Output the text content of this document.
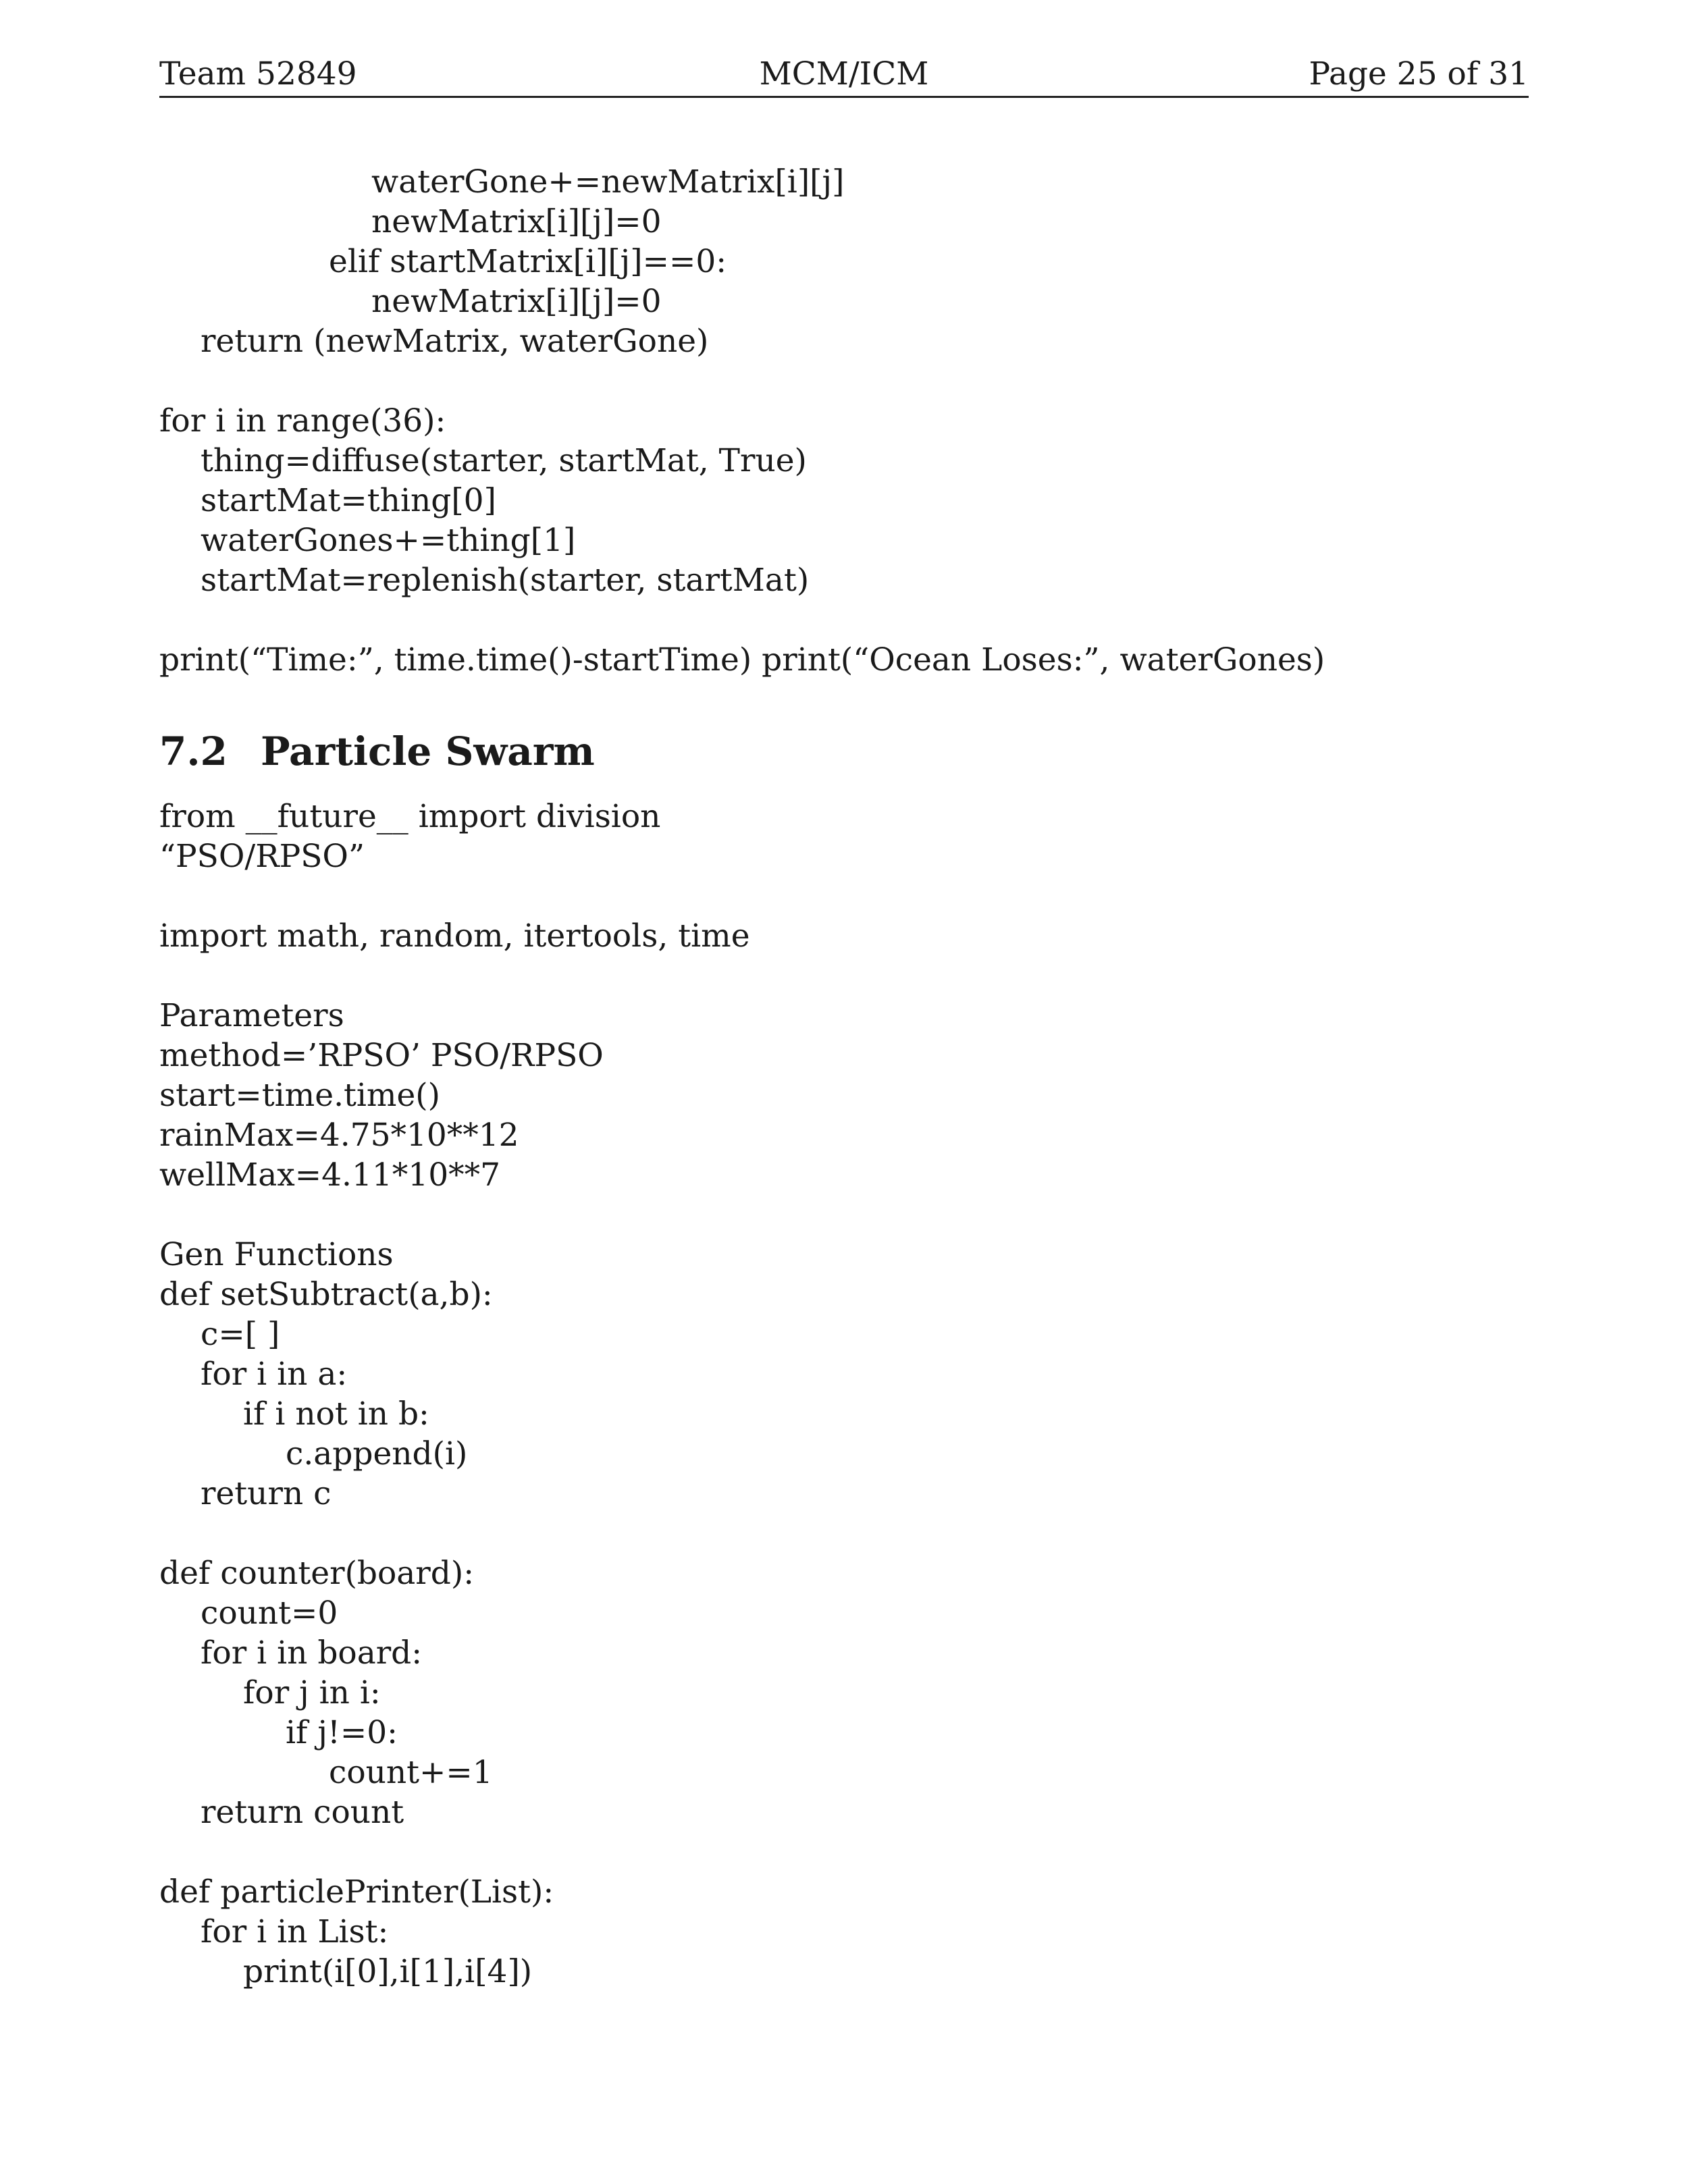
Team 52849	MCM/ICM	Page 25 of 31
waterGone+=newMatrix[i][j]
newMatrix[i][j]=0
elif startMatrix[i][j]==0:
newMatrix[i][j]=0
return (newMatrix, waterGone)
for i in range(36):
thing=diffuse(starter, startMat, True)
startMat=thing[0]
waterGones+=thing[1]
startMat=replenish(starter, startMat)
print(“Time:”, time.time()-startTime) print(“Ocean Loses:”, waterGones)
7.2 Particle Swarm
from __future__ import division
“PSO/RPSO”
import math, random, itertools, time
Parameters
method=’RPSO’ PSO/RPSO
start=time.time()
rainMax=4.75*10**12
wellMax=4.11*10**7
Gen Functions
def setSubtract(a,b):
c=[ ]
for i in a:
if i not in b:
c.append(i)
return c
def counter(board):
count=0
for i in board:
for j in i:
if j!=0:
count+=1
return count
def particlePrinter(List):
for i in List:
print(i[0],i[1],i[4])
